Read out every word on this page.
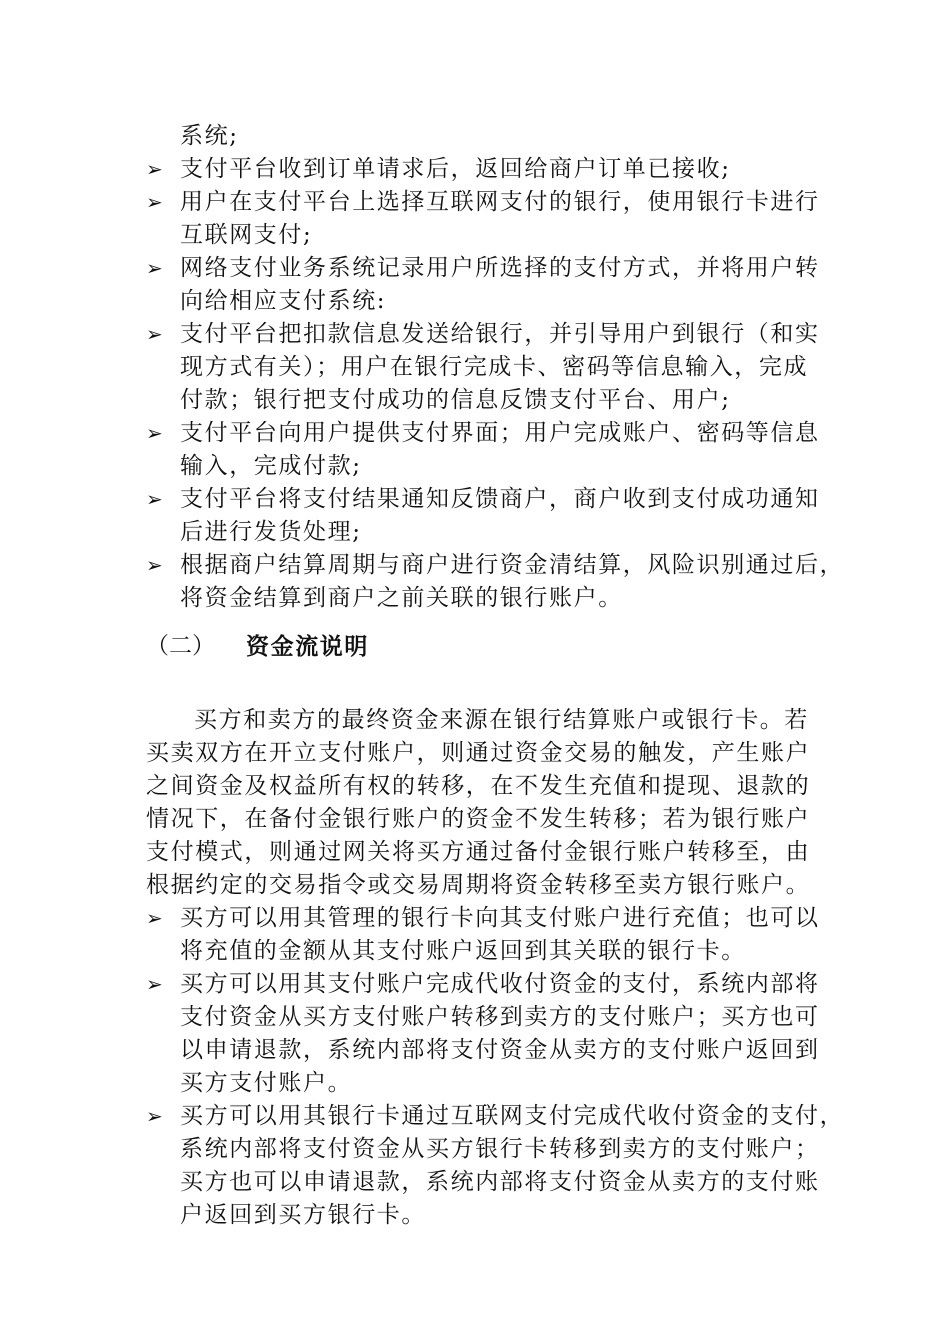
系统;
➢ 支付平台收到订单请求后，返回给商户订单已接收;
➢ 用户在支付平台上选择互联网支付的银行，使用银行卡进行
互联网支付;
➢ 网络支付业务系统记录用户所选择的支付方式，并将用户转
向给相应支付系统:
➢ 支付平台把扣款信息发送给银行，并引导用户到银行（和实
现方式有关）；用户在银行完成卡、密码等信息输入，完成
付款；银行把支付成功的信息反馈支付平台、用户;
➢ 支付平台向用户提供支付界面；用户完成账户、密码等信息
输入，完成付款;
➢ 支付平台将支付结果通知反馈商户，商户收到支付成功通知
后进行发货处理;
➢ 根据商户结算周期与商户进行资金清结算，风险识别通过后，
将资金结算到商户之前关联的银行账户。
（二） 资金流说明
买方和卖方的最终资金来源在银行结算账户或银行卡。若
买卖双方在开立支付账户，则通过资金交易的触发，产生账户
之间资金及权益所有权的转移，在不发生充值和提现、退款的
情况下，在备付金银行账户的资金不发生转移；若为银行账户
支付模式，则通过网关将买方通过备付金银行账户转移至，由
根据约定的交易指令或交易周期将资金转移至卖方银行账户。
➢ 买方可以用其管理的银行卡向其支付账户进行充值；也可以
将充值的金额从其支付账户返回到其关联的银行卡。
➢ 买方可以用其支付账户完成代收付资金的支付，系统内部将
支付资金从买方支付账户转移到卖方的支付账户；买方也可
以申请退款，系统内部将支付资金从卖方的支付账户返回到
买方支付账户。
➢ 买方可以用其银行卡通过互联网支付完成代收付资金的支付，
系统内部将支付资金从买方银行卡转移到卖方的支付账户；
买方也可以申请退款，系统内部将支付资金从卖方的支付账
户返回到买方银行卡。
